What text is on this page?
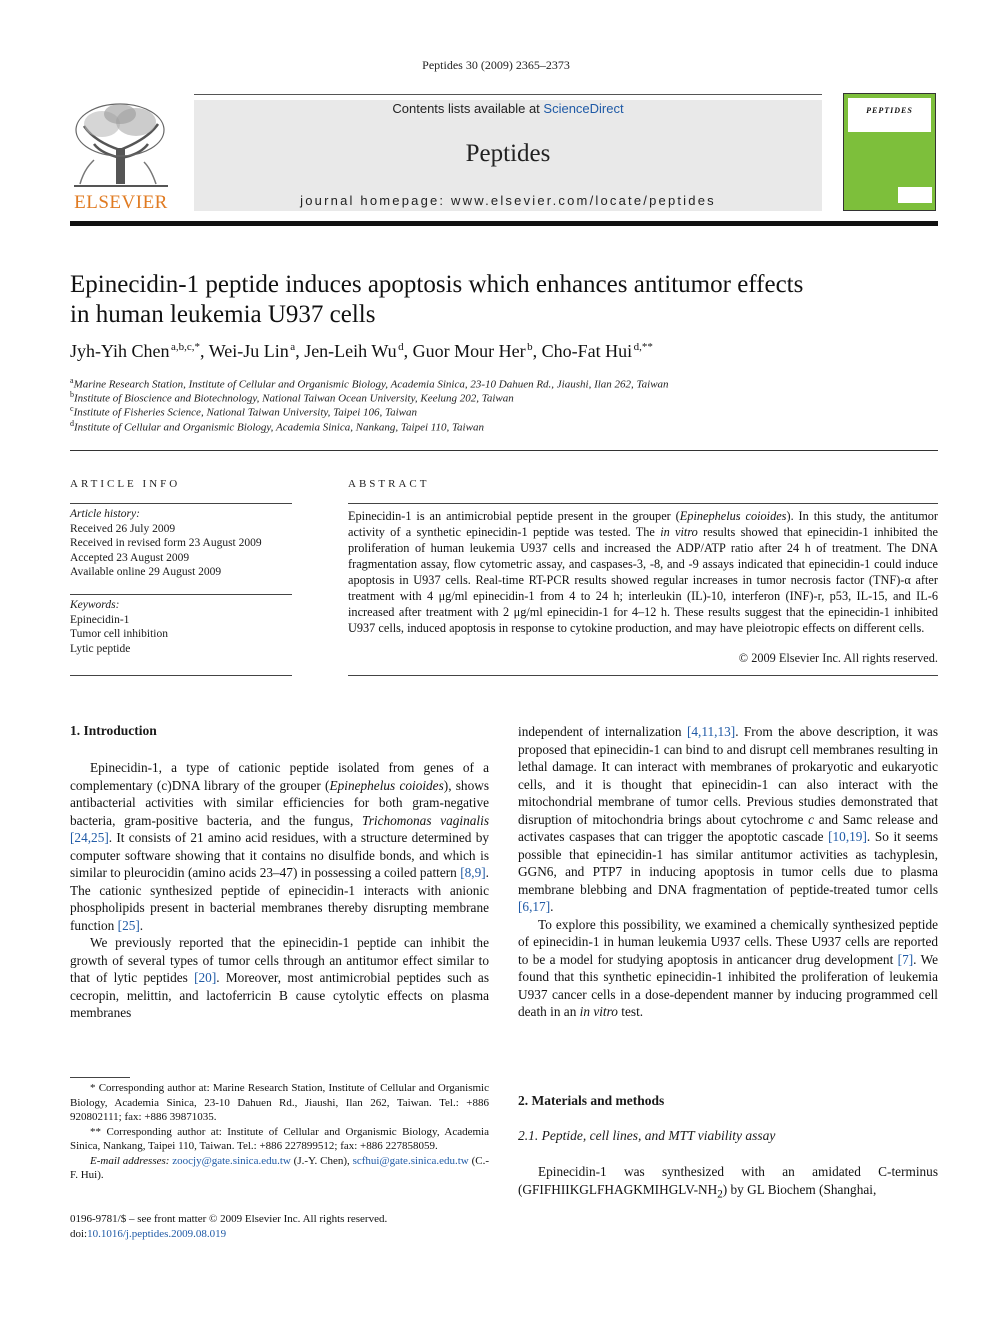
Peptides 30 (2009) 2365–2373
ELSEVIER
Contents lists available at ScienceDirect
Peptides
journal homepage: www.elsevier.com/locate/peptides
PEPTIDES
Epinecidin-1 peptide induces apoptosis which enhances antitumor effects
in human leukemia U937 cells
Jyh-Yih Chen  $^{a,b,c,*}$, Wei-Ju Lin  $^a$, Jen-Leih Wu  $^d$, Guor Mour Her  $^b$, Cho-Fat Hui  $^{d,**}$
$^a$Marine Research Station, Institute of Cellular and Organismic Biology, Academia Sinica, 23-10 Dahuen Rd., Jiaushi, Ilan 262, Taiwan
$^b$Institute of Bioscience and Biotechnology, National Taiwan Ocean University, Keelung 202, Taiwan
$^c$Institute of Fisheries Science, National Taiwan University, Taipei 106, Taiwan
$^d$Institute of Cellular and Organismic Biology, Academia Sinica, Nankang, Taipei 110, Taiwan
ARTICLE INFO
Article history:
Received 26 July 2009
Received in revised form 23 August 2009
Accepted 23 August 2009
Available online 29 August 2009
Keywords:
Epinecidin-1
Tumor cell inhibition
Lytic peptide
ABSTRACT
Epinecidin-1 is an antimicrobial peptide present in the grouper (Epinephelus coioides). In this study, the antitumor activity of a synthetic epinecidin-1 peptide was tested. The in vitro results showed that epinecidin-1 inhibited the proliferation of human leukemia U937 cells and increased the ADP/ATP ratio after 24 h of treatment. The DNA fragmentation assay, flow cytometric assay, and caspases-3, -8, and -9 assays indicated that epinecidin-1 could induce apoptosis in U937 cells. Real-time RT-PCR results showed regular increases in tumor necrosis factor (TNF)-α after treatment with 4 μg/ml epinecidin-1 from 4 to 24 h; interleukin (IL)-10, interferon (INF)-r, p53, IL-15, and IL-6 increased after treatment with 2 μg/ml epinecidin-1 for 4–12 h. These results suggest that the epinecidin-1 inhibited U937 cells, induced apoptosis in response to cytokine production, and may have pleiotropic effects on different cells.
© 2009 Elsevier Inc. All rights reserved.
1. Introduction

Epinecidin-1, a type of cationic peptide isolated from genes of a complementary (c)DNA library of the grouper (Epinephelus coioides), shows antibacterial activities with similar efficiencies for both gram-negative bacteria, gram-positive bacteria, and the fungus, Trichomonas vaginalis [24,25]. It consists of 21 amino acid residues, with a structure determined by computer software showing that it contains no disulfide bonds, and which is similar to pleurocidin (amino acids 23–47) in possessing a coiled pattern [8,9]. The cationic synthesized peptide of epinecidin-1 interacts with anionic phospholipids present in bacterial membranes thereby disrupting membrane function [25].

We previously reported that the epinecidin-1 peptide can inhibit the growth of several types of tumor cells through an antitumor effect similar to that of lytic peptides [20]. Moreover, most antimicrobial peptides such as cecropin, melittin, and lactoferricin B cause cytolytic effects on plasma membranes

* Corresponding author at: Marine Research Station, Institute of Cellular and Organismic Biology, Academia Sinica, 23-10 Dahuen Rd., Jiaushi, Ilan 262, Taiwan. Tel.: +886 920802111; fax: +886 39871035.

** Corresponding author at: Institute of Cellular and Organismic Biology, Academia Sinica, Nankang, Taipei 110, Taiwan. Tel.: +886 227899512; fax: +886 227858059.

E-mail addresses: zoocjy@gate.sinica.edu.tw (J.-Y. Chen), scfhui@gate.sinica.edu.tw (C.-F. Hui).

0196-9781/$ – see front matter © 2009 Elsevier Inc. All rights reserved.
doi:10.1016/j.peptides.2009.08.019

independent of internalization [4,11,13]. From the above description, it was proposed that epinecidin-1 can bind to and disrupt cell membranes resulting in lethal damage. It can interact with membranes of prokaryotic and eukaryotic cells, and it is thought that epinecidin-1 can also interact with the mitochondrial membrane of tumor cells. Previous studies demonstrated that disruption of mitochondria brings about cytochrome c and Samc release and activates caspases that can trigger the apoptotic cascade [10,19]. So it seems possible that epinecidin-1 has similar antitumor activities as tachyplesin, GGN6, and PTP7 in inducing apoptosis in tumor cells due to plasma membrane blebbing and DNA fragmentation of peptide-treated tumor cells [6,17].

To explore this possibility, we examined a chemically synthesized peptide of epinecidin-1 in human leukemia U937 cells. These U937 cells are reported to be a model for studying apoptosis in anticancer drug development [7]. We found that this synthetic epinecidin-1 inhibited the proliferation of leukemia U937 cancer cells in a dose-dependent manner by inducing programmed cell death in an in vitro test.

2. Materials and methods
2.1. Peptide, cell lines, and MTT viability assay

Epinecidin-1 was synthesized with an amidated C-terminus $(GFIFHIIKGLFHAGKMIHGLV-NH_2)$ by GL Biochem (Shanghai,
